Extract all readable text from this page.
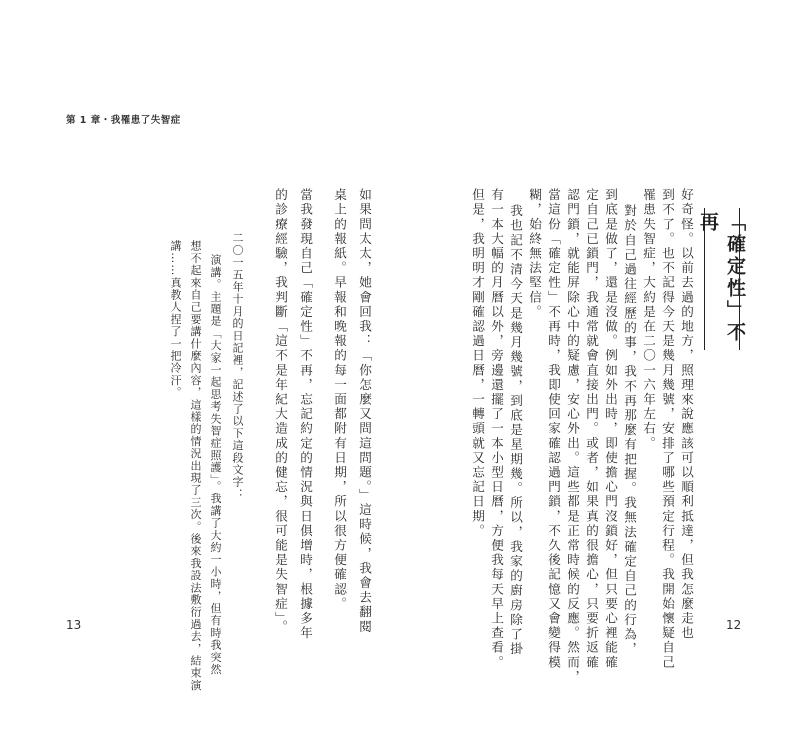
第 1 章・我罹患了失智症
如果問太太，她會回我：「你怎麼又問這問題。」這時候，我會去翻閱
桌上的報紙。早報和晚報的每一面都附有日期，所以很方便確認。
當我發現自己「確定性」不再，忘記約定的情況與日俱增時，根據多年
的診療經驗，我判斷「這不是年紀大造成的健忘，很可能是失智症」。
二〇一五年十月的日記裡，記述了以下這段文字：
演講。主題是「大家一起思考失智症照護」。我講了大約一小時，但有時我突然
想不起來自己要講什麼內容，這樣的情況出現了三次。後來我設法敷衍過去，結束演
講……真教人捏了一把冷汗。
13	12
「確定性」不再
好奇怪。以前去過的地方，照理來說應該可以順利抵達，但我怎麼走也
到不了。也不記得今天是幾月幾號，安排了哪些預定行程。我開始懷疑自己
罹患失智症，大約是在二〇一六年左右。
對於自己過往經歷的事，我不再那麼有把握。我無法確定自己的行為，
到底是做了，還是沒做。例如外出時，即使擔心門沒鎖好，但只要心裡能確
定自己已鎖門，我通常就會直接出門。或者，如果真的很擔心，只要折返確
認門鎖，就能屏除心中的疑慮，安心外出。這些都是正常時候的反應。然而，
當這份「確定性」不再時，我即使回家確認過門鎖，不久後記憶又會變得模
糊，始終無法堅信。
我也記不清今天是幾月幾號，到底是星期幾。所以，我家的廚房除了掛
有一本大幅的月曆以外，旁邊還擺了一本小型日曆，方便我每天早上查看。
但是，我明明才剛確認過日曆，一轉頭就又忘記日期。
